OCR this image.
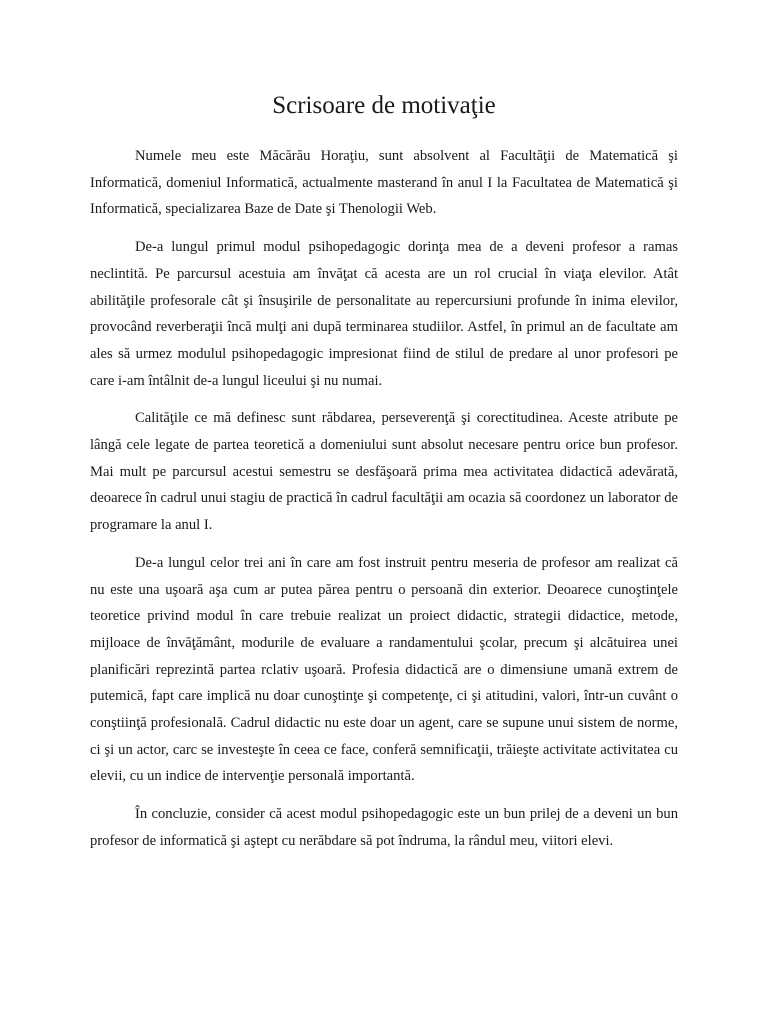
Scrisoare de motivaţie

Numele meu este Măcărău Horaţiu, sunt absolvent al Facultăţii de Matematică şi Informatică, domeniul Informatică, actualmente masterand în anul I la Facultatea de Matematică şi Informatică, specializarea Baze de Date şi Thenologii Web.

De-a lungul primul modul psihopedagogic dorinţa mea de a deveni profesor a ramas neclintită. Pe parcursul acestuia am învăţat că acesta are un rol crucial în viaţa elevilor. Atât abilităţile profesorale cât şi însuşirile de personalitate au repercursiuni profunde în inima elevilor, provocând reverberaţii încă mulţi ani după terminarea studiilor. Astfel, în primul an de facultate am ales să urmez modulul psihopedagogic impresionat fiind de stilul de predare al unor profesori pe care i-am întâlnit de-a lungul liceului şi nu numai.

Calităţile ce mă definesc sunt răbdarea, perseverenţă şi corectitudinea. Aceste atribute pe lângă cele legate de partea teoretică a domeniului sunt absolut necesare pentru orice bun profesor. Mai mult pe parcursul acestui semestru se desfăşoară prima mea activitatea didactică adevărată, deoarece în cadrul unui stagiu de practică în cadrul facultăţii am ocazia să coordonez un laborator de programare la anul I.

De-a lungul celor trei ani în care am fost instruit pentru meseria de profesor am realizat că nu este una uşoară aşa cum ar putea părea pentru o persoană din exterior. Deoarece cunoştinţele teoretice privind modul în care trebuie realizat un proiect didactic, strategii didactice, metode, mijloace de învăţământ, modurile de evaluare a randamentului şcolar, precum şi alcătuirea unei planificări reprezintă partea rclativ uşoară. Profesia didactică are o dimensiune umană extrem de putemică, fapt care implică nu doar cunoştinţe şi competenţe, ci şi atitudini, valori, într-un cuvânt o conştiinţă profesională. Cadrul didactic nu este doar un agent, care se supune unui sistem de norme, ci şi un actor, carc se investeşte în ceea ce face, conferă semnificaţii, trăieşte activitate activitatea cu elevii, cu un indice de intervenţie personală importantă.

În concluzie, consider că acest modul psihopedagogic este un bun prilej de a deveni un bun profesor de informatică şi aştept cu nerăbdare să pot îndruma, la rândul meu, viitori elevi.
